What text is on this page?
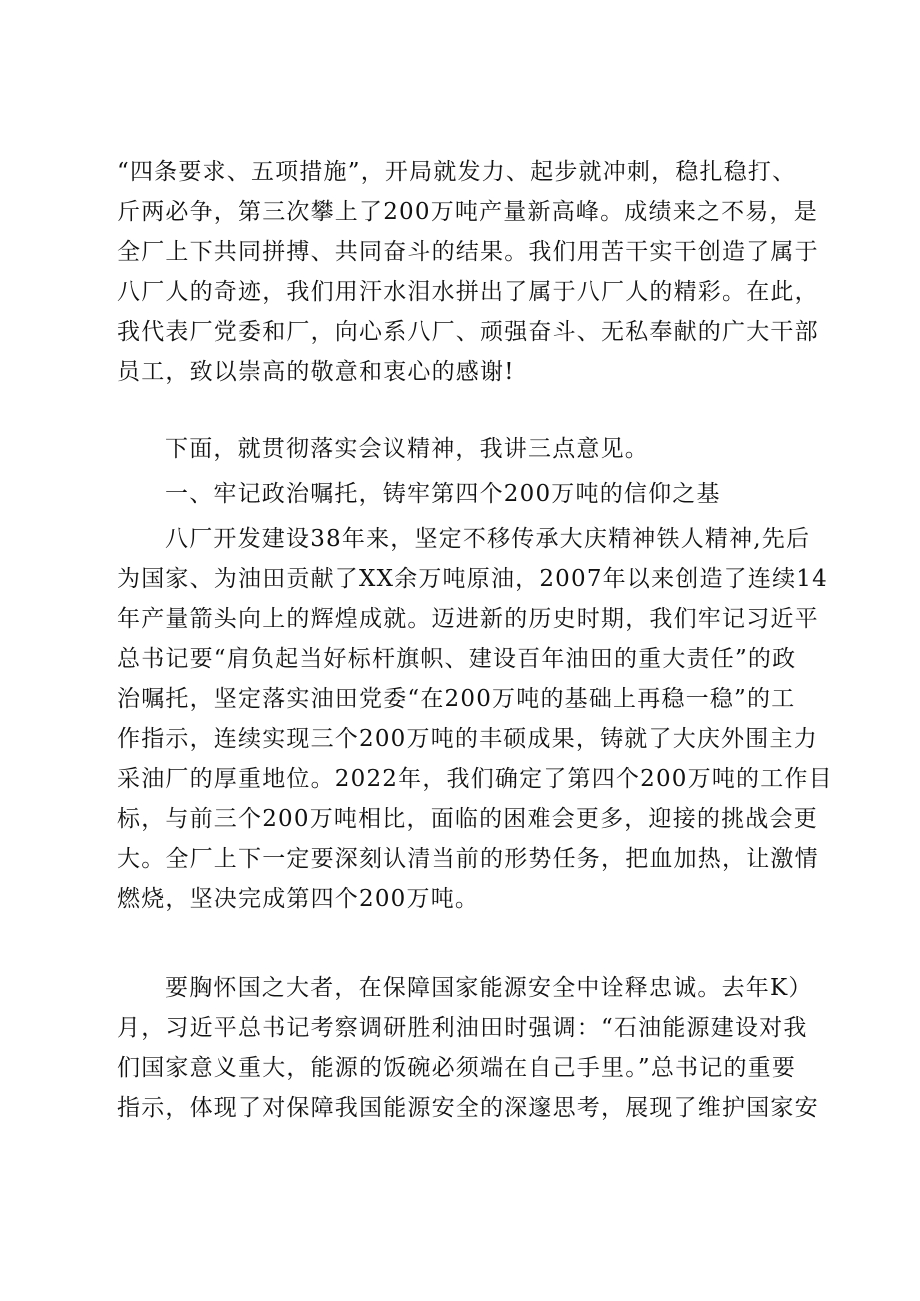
“四条要求、五项措施”，开局就发力、起步就冲刺，稳扎稳打、
斤两必争，第三次攀上了200万吨产量新高峰。成绩来之不易，是
全厂上下共同拼搏、共同奋斗的结果。我们用苦干实干创造了属于
八厂人的奇迹，我们用汗水泪水拼出了属于八厂人的精彩。在此，
我代表厂党委和厂，向心系八厂、顽强奋斗、无私奉献的广大干部
员工，致以崇高的敬意和衷心的感谢!
下面，就贯彻落实会议精神，我讲三点意见。
一、牢记政治嘱托，铸牢第四个200万吨的信仰之基
八厂开发建设38年来，坚定不移传承大庆精神铁人精神,先后
为国家、为油田贡献了XX余万吨原油，2007年以来创造了连续14
年产量箭头向上的辉煌成就。迈进新的历史时期，我们牢记习近平
总书记要“肩负起当好标杆旗帜、建设百年油田的重大责任”的政
治嘱托，坚定落实油田党委“在200万吨的基础上再稳一稳”的工
作指示，连续实现三个200万吨的丰硕成果，铸就了大庆外围主力
采油厂的厚重地位。2022年，我们确定了第四个200万吨的工作目
标，与前三个200万吨相比，面临的困难会更多，迎接的挑战会更
大。全厂上下一定要深刻认清当前的形势任务，把血加热，让激情
燃烧，坚决完成第四个200万吨。
要胸怀国之大者，在保障国家能源安全中诠释忠诚。去年K）
月，习近平总书记考察调研胜利油田时强调：“石油能源建设对我
们国家意义重大，能源的饭碗必须端在自己手里。”总书记的重要
指示，体现了对保障我国能源安全的深邃思考，展现了维护国家安
